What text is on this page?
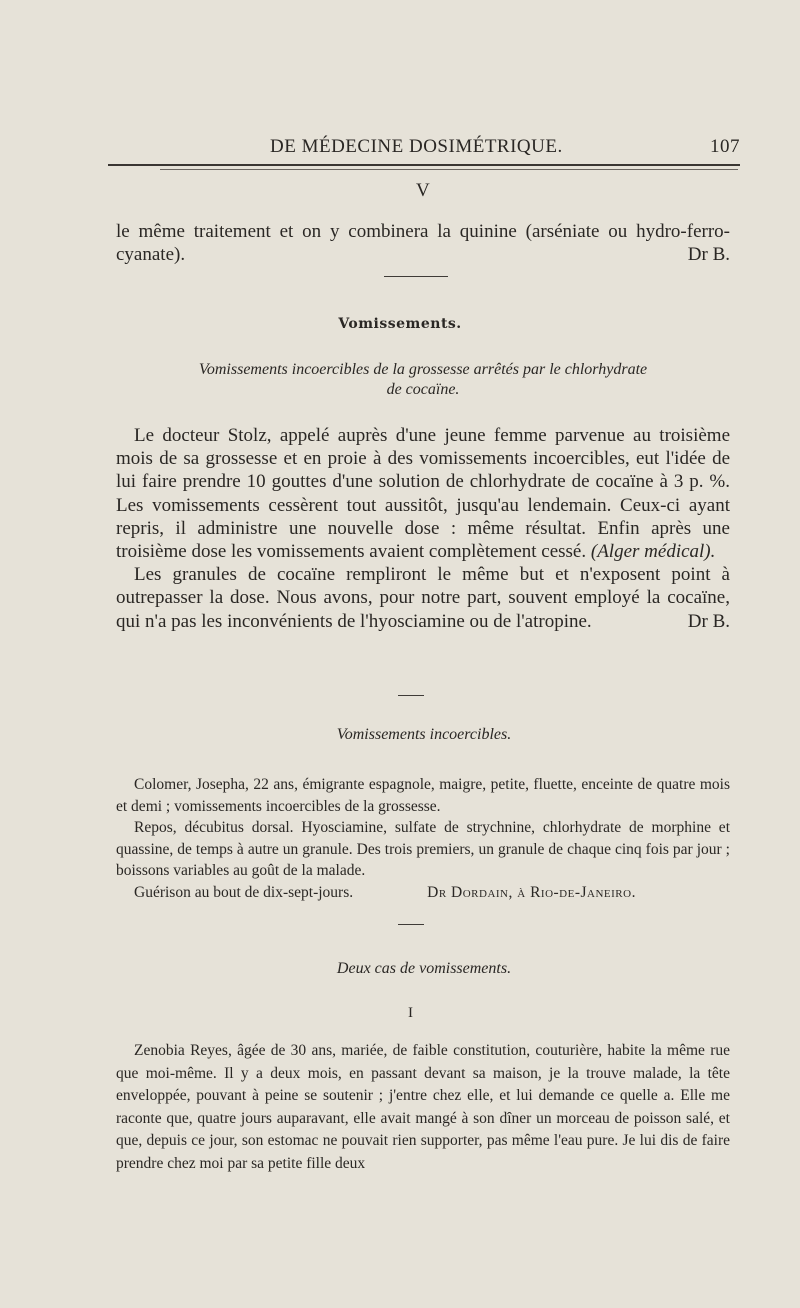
DE MÉDECINE DOSIMÉTRIQUE.	107
V

le même traitement et on y combinera la quinine (arséniate ou hydro-ferro-cyanate).	Dr B.

Vomissements.
Vomissements incoercibles de la grossesse arrêtés par le chlorhydrate
de cocaïne.

Le docteur Stolz, appelé auprès d'une jeune femme parvenue au troisième mois de sa grossesse et en proie à des vomissements incoercibles, eut l'idée de lui faire prendre 10 gouttes d'une solution de chlorhydrate de cocaïne à 3 p. %. Les vomissements cessèrent tout aussitôt, jusqu'au lendemain. Ceux-ci ayant repris, il administre une nouvelle dose : même résultat. Enfin après une troisième dose les vomissements avaient complètement cessé. (Alger médical).

Les granules de cocaïne rempliront le même but et n'exposent point à outrepasser la dose. Nous avons, pour notre part, souvent employé la cocaïne, qui n'a pas les inconvénients de l'hyosciamine ou de l'atropine.	Dr B.

Vomissements incoercibles.

Colomer, Josepha, 22 ans, émigrante espagnole, maigre, petite, fluette, enceinte de quatre mois et demi ; vomissements incoercibles de la grossesse.

Repos, décubitus dorsal. Hyosciamine, sulfate de strychnine, chlorhydrate de morphine et quassine, de temps à autre un granule. Des trois premiers, un granule de chaque cinq fois par jour ; boissons variables au goût de la malade.

Guérison au bout de dix-sept-jours.	Dr Dordain, à Rio-de-Janeiro.

Deux cas de vomissements.
I

Zenobia Reyes, âgée de 30 ans, mariée, de faible constitution, couturière, habite la même rue que moi-même. Il y a deux mois, en passant devant sa maison, je la trouve malade, la tête enveloppée, pouvant à peine se soutenir ; j'entre chez elle, et lui demande ce quelle a. Elle me raconte que, quatre jours auparavant, elle avait mangé à son dîner un morceau de poisson salé, et que, depuis ce jour, son estomac ne pouvait rien supporter, pas même l'eau pure. Je lui dis de faire prendre chez moi par sa petite fille deux
